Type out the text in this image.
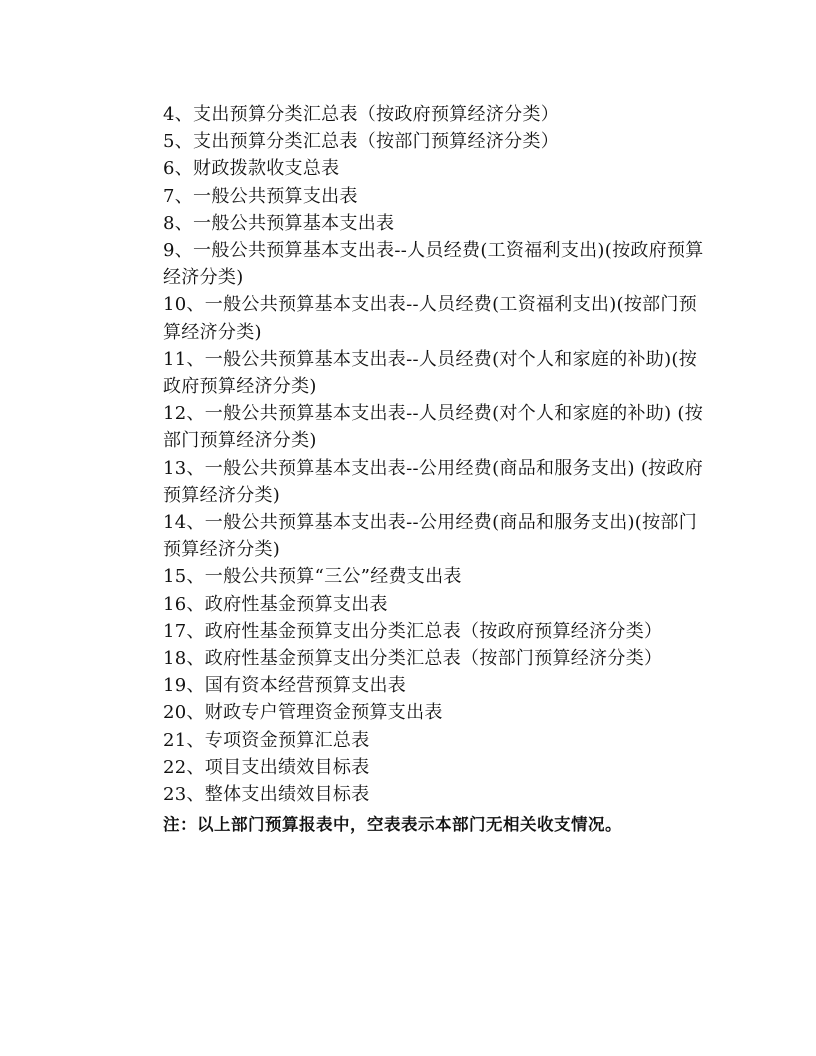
4、支出预算分类汇总表（按政府预算经济分类）
5、支出预算分类汇总表（按部门预算经济分类）
6、财政拨款收支总表
7、一般公共预算支出表
8、一般公共预算基本支出表
9、一般公共预算基本支出表--人员经费(工资福利支出)(按政府预算经济分类)
10、一般公共预算基本支出表--人员经费(工资福利支出)(按部门预算经济分类)
11、一般公共预算基本支出表--人员经费(对个人和家庭的补助)(按政府预算经济分类)
12、一般公共预算基本支出表--人员经费(对个人和家庭的补助) (按部门预算经济分类)
13、一般公共预算基本支出表--公用经费(商品和服务支出) (按政府预算经济分类)
14、一般公共预算基本支出表--公用经费(商品和服务支出)(按部门预算经济分类)
15、一般公共预算“三公”经费支出表
16、政府性基金预算支出表
17、政府性基金预算支出分类汇总表（按政府预算经济分类）
18、政府性基金预算支出分类汇总表（按部门预算经济分类）
19、国有资本经营预算支出表
20、财政专户管理资金预算支出表
21、专项资金预算汇总表
22、项目支出绩效目标表
23、整体支出绩效目标表
注：以上部门预算报表中，空表表示本部门无相关收支情况。
